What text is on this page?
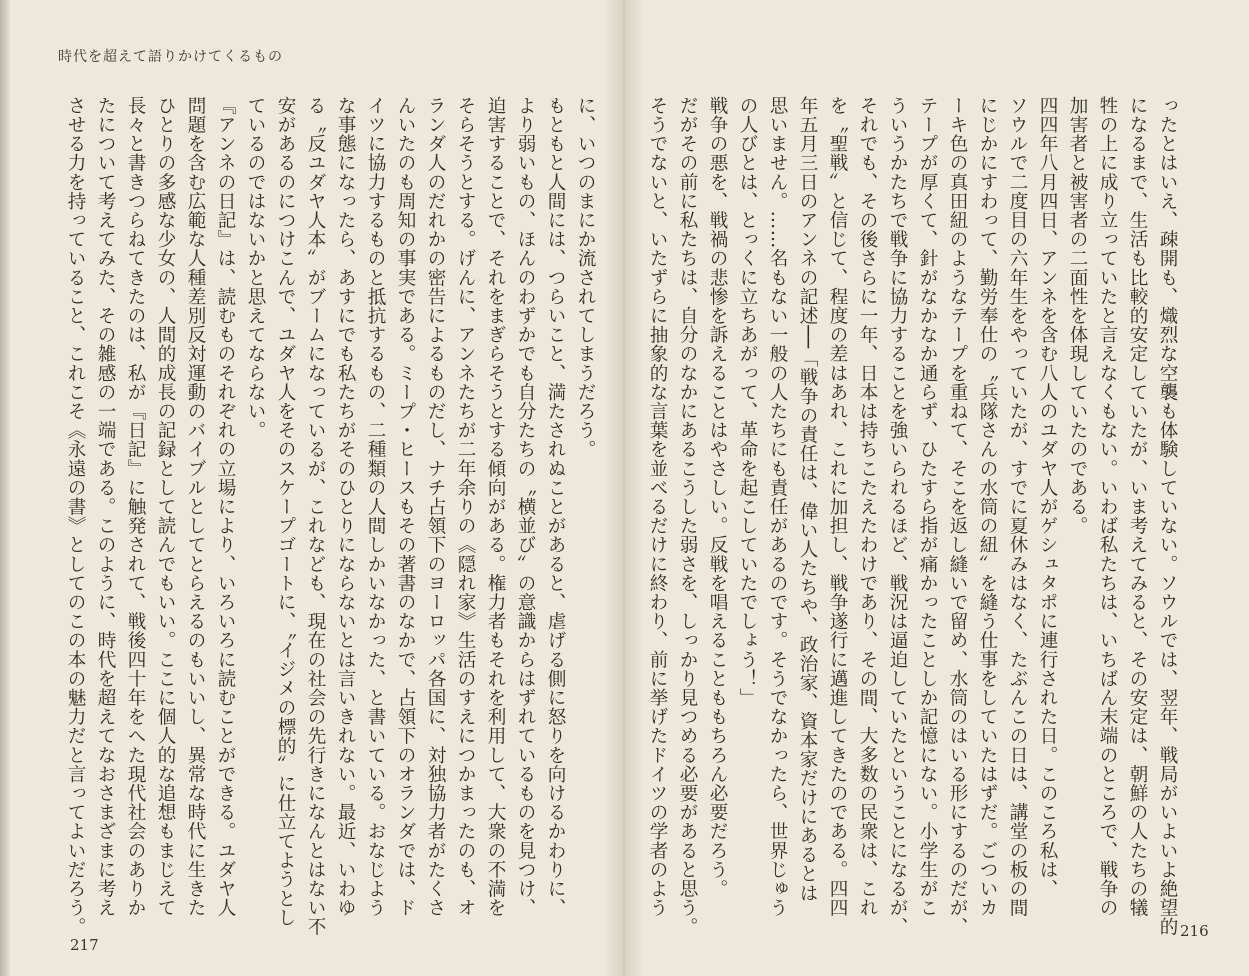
時代を超えて語りかけてくるもの
ったとはいえ、疎開も、熾烈な空襲も体験していない。ソウルでは、翌年、戦局がいよいよ絶望的
になるまで、生活も比較的安定していたが、いま考えてみると、その安定は、朝鮮の人たちの犠
牲の上に成り立っていたと言えなくもない。いわば私たちは、いちばん末端のところで、戦争の
加害者と被害者の二面性を体現していたのである。
四四年八月四日、アンネを含む八人のユダヤ人がゲシュタポに連行された日。このころ私は、
ソウルで二度目の六年生をやっていたが、すでに夏休みはなく、たぶんこの日は、講堂の板の間
にじかにすわって、勤労奉仕の〝兵隊さんの水筒の紐〟を縫う仕事をしていたはずだ。ごついカ
ーキ色の真田紐のようなテープを重ねて、そこを返し縫いで留め、水筒のはいる形にするのだが、
テープが厚くて、針がなかなか通らず、ひたすら指が痛かったことしか記憶にない。小学生がこ
ういうかたちで戦争に協力することを強いられるほど、戦況は逼迫していたということになるが、
それでも、その後さらに一年、日本は持ちこたえたわけであり、その間、大多数の民衆は、これ
を〝聖戦〟と信じて、程度の差はあれ、これに加担し、戦争遂行に邁進してきたのである。四四
年五月三日のアンネの記述──「戦争の責任は、偉い人たちや、政治家、資本家だけにあるとは
思いません。……名もない一般の人たちにも責任があるのです。そうでなかったら、世界じゅう
の人びとは、とっくに立ちあがって、革命を起こしていたでしょう！」
戦争の悪を、戦禍の悲惨を訴えることはやさしい。反戦を唱えることももちろん必要だろう。
だがその前に私たちは、自分のなかにあるこうした弱さを、しっかり見つめる必要があると思う。
そうでないと、いたずらに抽象的な言葉を並べるだけに終わり、前に挙げたドイツの学者のよう
に、いつのまにか流されてしまうだろう。
もともと人間には、つらいこと、満たされぬことがあると、虐げる側に怒りを向けるかわりに、
より弱いもの、ほんのわずかでも自分たちの〝横並び〟の意識からはずれているものを見つけ、
迫害することで、それをまぎらそうとする傾向がある。権力者もそれを利用して、大衆の不満を
そらそうとする。げんに、アンネたちが二年余りの《隠れ家》生活のすえにつかまったのも、オ
ランダ人のだれかの密告によるものだし、ナチ占領下のヨーロッパ各国に、対独協力者がたくさ
んいたのも周知の事実である。ミープ・ヒースもその著書のなかで、占領下のオランダでは、ド
イツに協力するものと抵抗するもの、二種類の人間しかいなかった、と書いている。おなじよう
な事態になったら、あすにでも私たちがそのひとりにならないとは言いきれない。最近、いわゆ
る〝反ユダヤ人本〟がブームになっているが、これなども、現在の社会の先行きになんとはない不
安があるのにつけこんで、ユダヤ人をそのスケープゴートに、〝イジメの標的〟に仕立てようとし
ているのではないかと思えてならない。
『アンネの日記』は、読むものそれぞれの立場により、いろいろに読むことができる。ユダヤ人
問題を含む広範な人種差別反対運動のバイブルとしてとらえるのもいいし、異常な時代に生きた
ひとりの多感な少女の、人間的成長の記録として読んでもいい。ここに個人的な追想もまじえて
長々と書きつらねてきたのは、私が『日記』に触発されて、戦後四十年をへた現代社会のありか
たについて考えてみた、その雑感の一端である。このように、時代を超えてなおさまざまに考え
させる力を持っていること、これこそ《永遠の書》としてのこの本の魅力だと言ってよいだろう。
217
216
